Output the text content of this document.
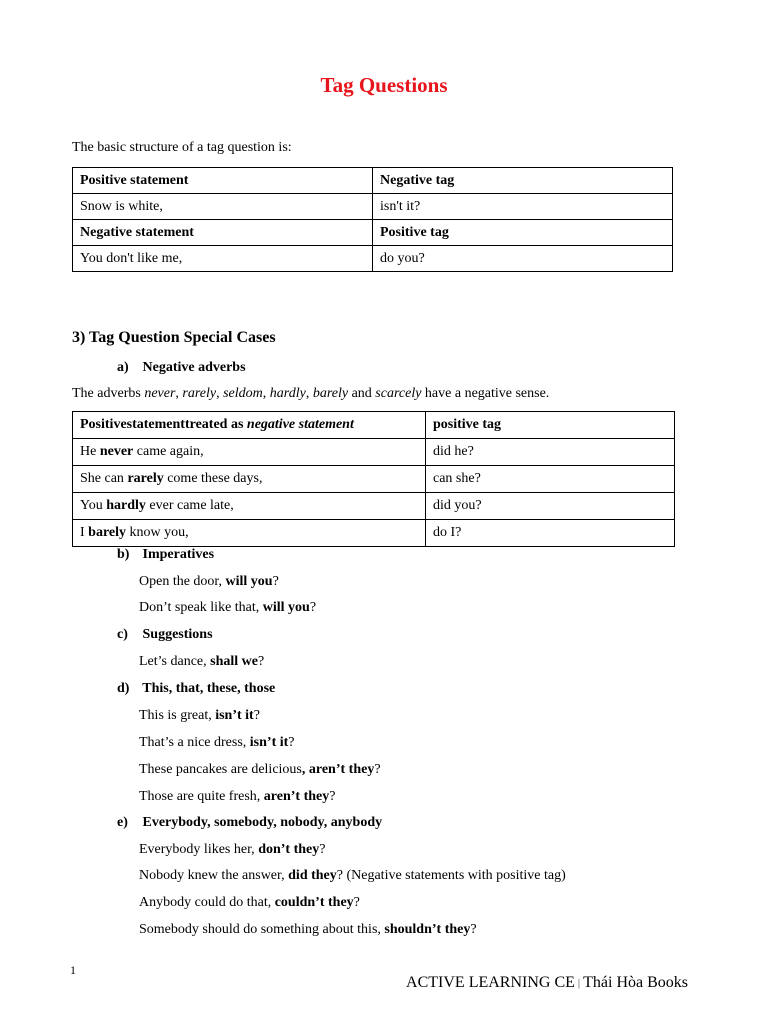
Tag Questions
The basic structure of a tag question is:
Positive statement	Negative tag
Snow is white,	isn't it?
Negative statement	Positive tag
You don't like me,	do you?
3) Tag Question Special Cases
a) Negative adverbs
The adverbs never, rarely, seldom, hardly, barely and scarcely have a negative sense.
Positivestatementtreated as negative statement	positive tag
He never came again,	did he?
She can rarely come these days,	can she?
You hardly ever came late,	did you?
I barely know you,	do I?
b) Imperatives
Open the door, will you?
Don’t speak like that, will you?
c) Suggestions
Let’s dance, shall we?
d) This, that, these, those
This is great, isn’t it?
That’s a nice dress, isn’t it?
These pancakes are delicious, aren’t they?
Those are quite fresh, aren’t they?
e) Everybody, somebody, nobody, anybody
Everybody likes her, don’t they?
Nobody knew the answer, did they? (Negative statements with positive tag)
Anybody could do that, couldn’t they?
Somebody should do something about this, shouldn’t they?
1
ACTIVE LEARNING CE | Thái Hòa Books
